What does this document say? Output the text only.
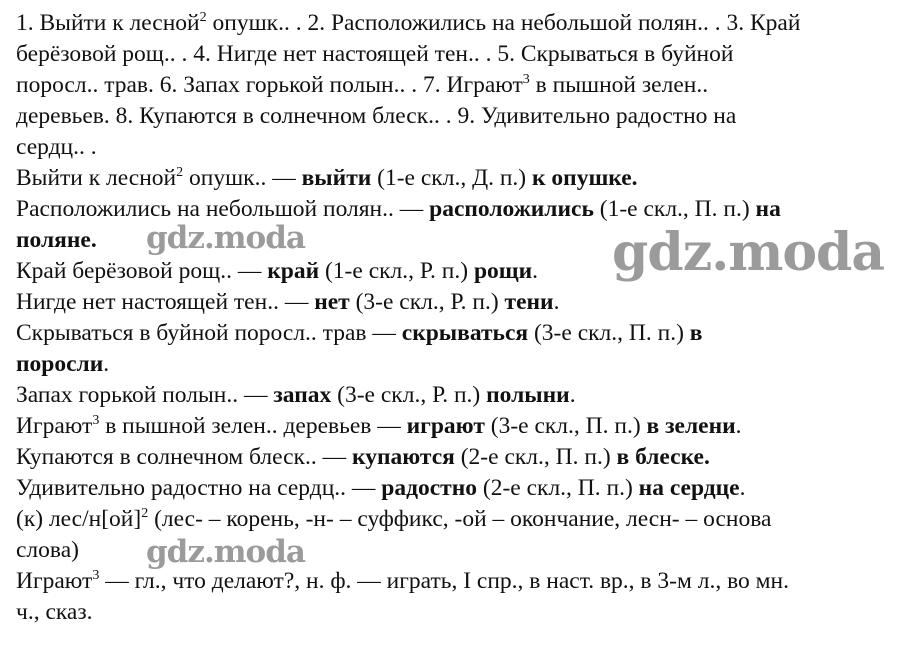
1. Выйти к лесной$^2$ опушк.. . 2. Расположились на небольшой полян.. . 3. Край
берёзовой рощ.. . 4. Нигде нет настоящей тен.. . 5. Скрываться в буйной
поросл.. трав. 6. Запах горькой полын.. . 7. Играют$^3$ в пышной зелен..
деревьев. 8. Купаются в солнечном блеск.. . 9. Удивительно радостно на
сердц.. .
Выйти к лесной$^2$ опушк.. — выйти (1-е скл., Д. п.) к опушке.
Расположились на небольшой полян.. — расположились (1-е скл., П. п.) на
поляне.
Край берёзовой рощ.. — край (1-е скл., Р. п.) рощи.
Нигде нет настоящей тен.. — нет (3-е скл., Р. п.) тени.
Скрываться в буйной поросл.. трав — скрываться (3-е скл., П. п.) в
поросли.
Запах горькой полын.. — запах (3-е скл., Р. п.) полыни.
Играют$^3$ в пышной зелен.. деревьев — играют (3-е скл., П. п.) в зелени.
Купаются в солнечном блеск.. — купаются (2-е скл., П. п.) в блеске.
Удивительно радостно на сердц.. — радостно (2-е скл., П. п.) на сердце.
(к) лес/н[ой]$^2$ (лес- – корень, -н- – суффикс, -ой – окончание, лесн- – основа
слова)
Играют$^3$ — гл., что делают?, н. ф. — играть, I спр., в наст. вр., в 3-м л., во мн.
ч., сказ.
gdz.moda	gdz.moda
gdz.moda
